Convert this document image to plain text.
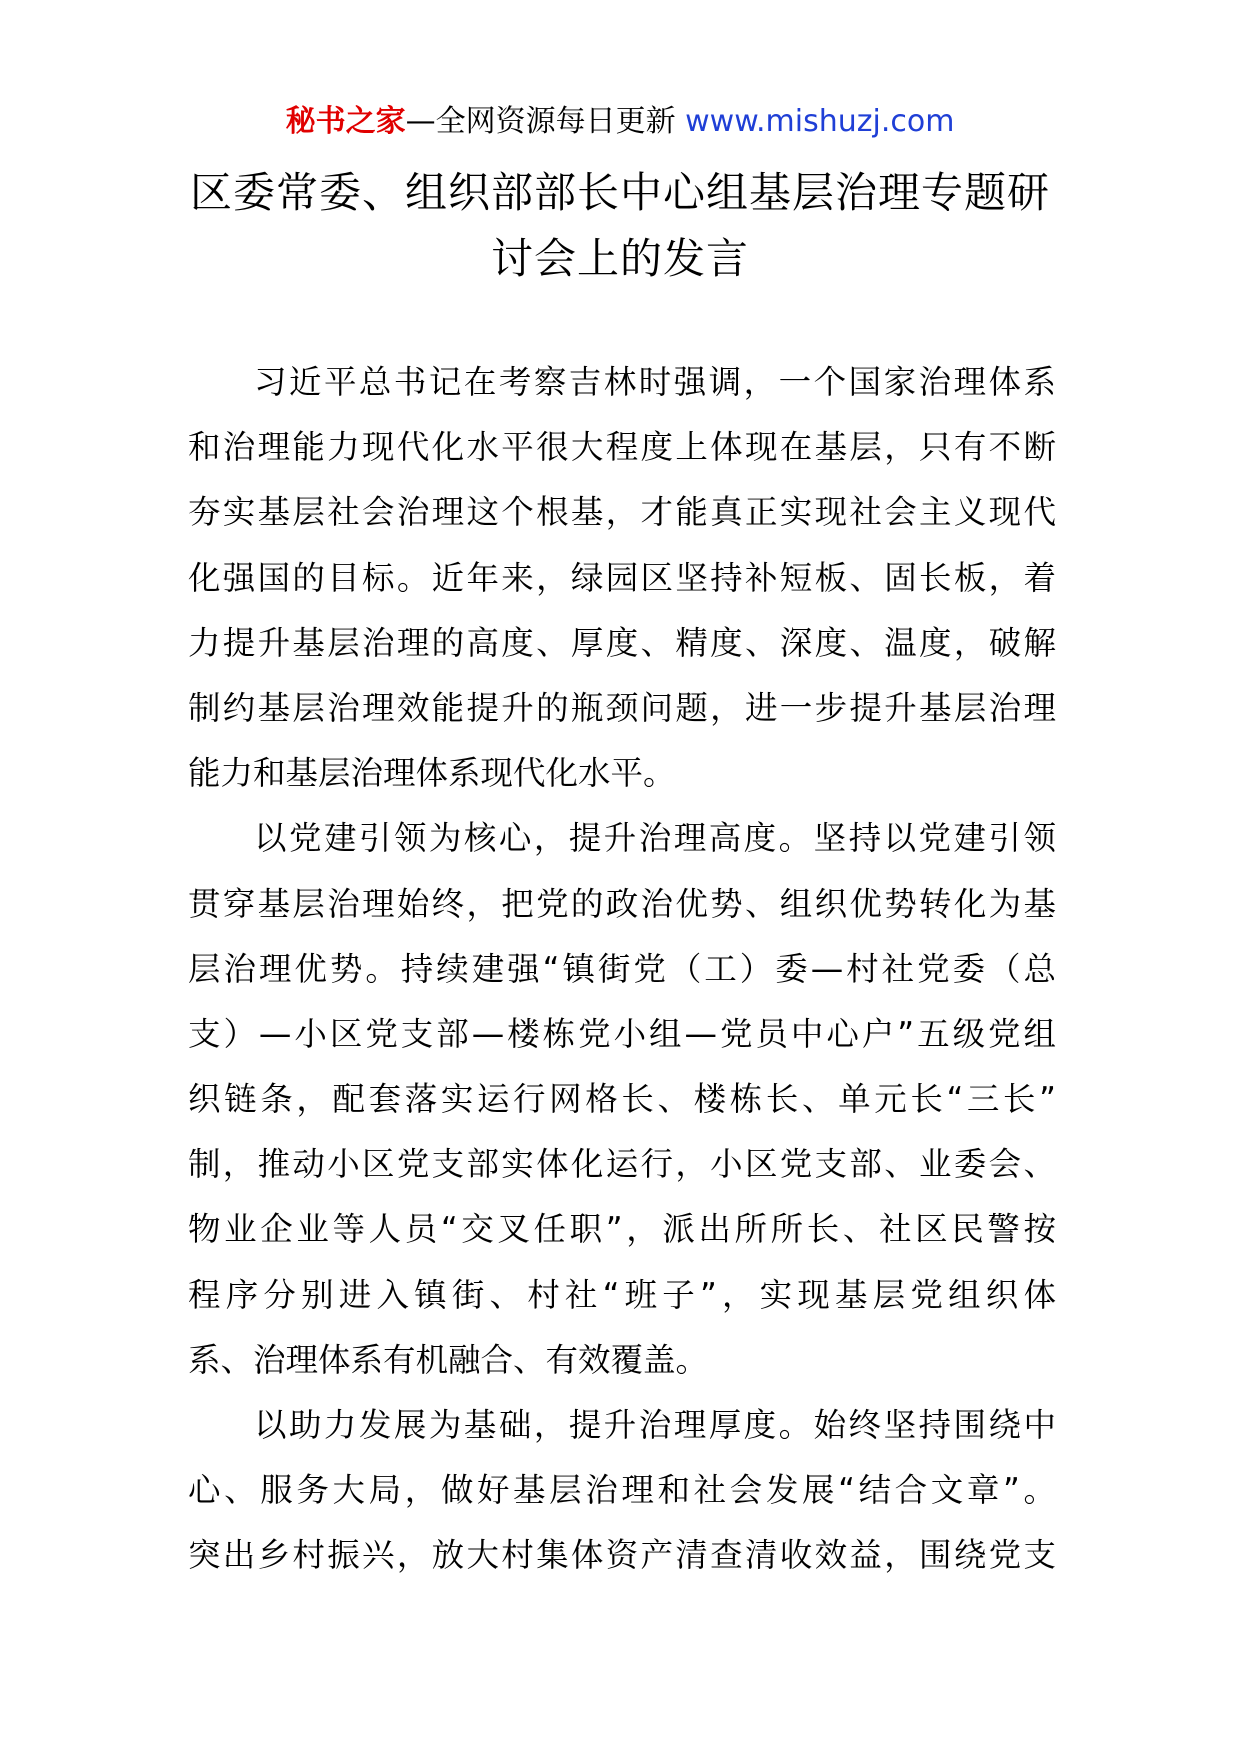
秘书之家—全网资源每日更新 www.mishuzj.com
区委常委、组织部部长中心组基层治理专题研
讨会上的发言
习近平总书记在考察吉林时强调，一个国家治理体系
和治理能力现代化水平很大程度上体现在基层，只有不断
夯实基层社会治理这个根基，才能真正实现社会主义现代
化强国的目标。近年来，绿园区坚持补短板、固长板，着
力提升基层治理的高度、厚度、精度、深度、温度，破解
制约基层治理效能提升的瓶颈问题，进一步提升基层治理
能力和基层治理体系现代化水平。
以党建引领为核心，提升治理高度。坚持以党建引领
贯穿基层治理始终，把党的政治优势、组织优势转化为基
层治理优势。持续建强“镇街党（工）委—村社党委（总
支）—小区党支部—楼栋党小组—党员中心户”五级党组
织链条，配套落实运行网格长、楼栋长、单元长“三长”
制，推动小区党支部实体化运行，小区党支部、业委会、
物业企业等人员“交叉任职”，派出所所长、社区民警按
程序分别进入镇街、村社“班子”，实现基层党组织体
系、治理体系有机融合、有效覆盖。
以助力发展为基础，提升治理厚度。始终坚持围绕中
心、服务大局，做好基层治理和社会发展“结合文章”。
突出乡村振兴，放大村集体资产清查清收效益，围绕党支
